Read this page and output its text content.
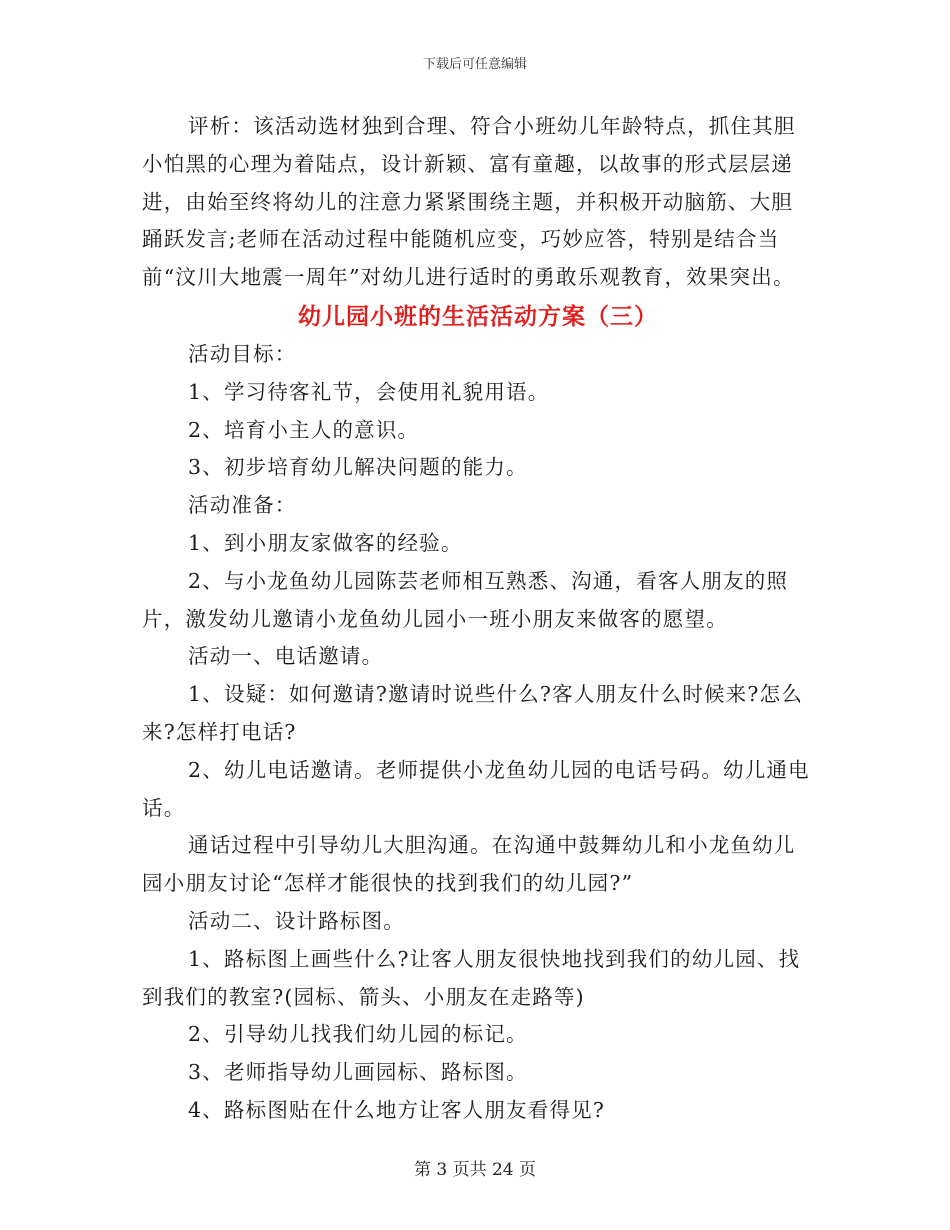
下载后可任意编辑

评析：该活动选材独到合理、符合小班幼儿年龄特点，抓住其胆小怕黑的心理为着陆点，设计新颖、富有童趣，以故事的形式层层递进，由始至终将幼儿的注意力紧紧围绕主题，并积极开动脑筋、大胆踊跃发言;老师在活动过程中能随机应变，巧妙应答，特别是结合当前“汶川大地震一周年”对幼儿进行适时的勇敢乐观教育，效果突出。

幼儿园小班的生活活动方案（三）

活动目标：

1、学习待客礼节，会使用礼貌用语。

2、培育小主人的意识。

3、初步培育幼儿解决问题的能力。

活动准备：

1、到小朋友家做客的经验。

2、与小龙鱼幼儿园陈芸老师相互熟悉、沟通，看客人朋友的照片，激发幼儿邀请小龙鱼幼儿园小一班小朋友来做客的愿望。

活动一、电话邀请。

1、设疑：如何邀请?邀请时说些什么?客人朋友什么时候来?怎么来?怎样打电话?

2、幼儿电话邀请。老师提供小龙鱼幼儿园的电话号码。幼儿通电话。

通话过程中引导幼儿大胆沟通。在沟通中鼓舞幼儿和小龙鱼幼儿园小朋友讨论“怎样才能很快的找到我们的幼儿园?”

活动二、设计路标图。

1、路标图上画些什么?让客人朋友很快地找到我们的幼儿园、找到我们的教室?(园标、箭头、小朋友在走路等)

2、引导幼儿找我们幼儿园的标记。

3、老师指导幼儿画园标、路标图。

4、路标图贴在什么地方让客人朋友看得见?

第 3 页共 24 页
